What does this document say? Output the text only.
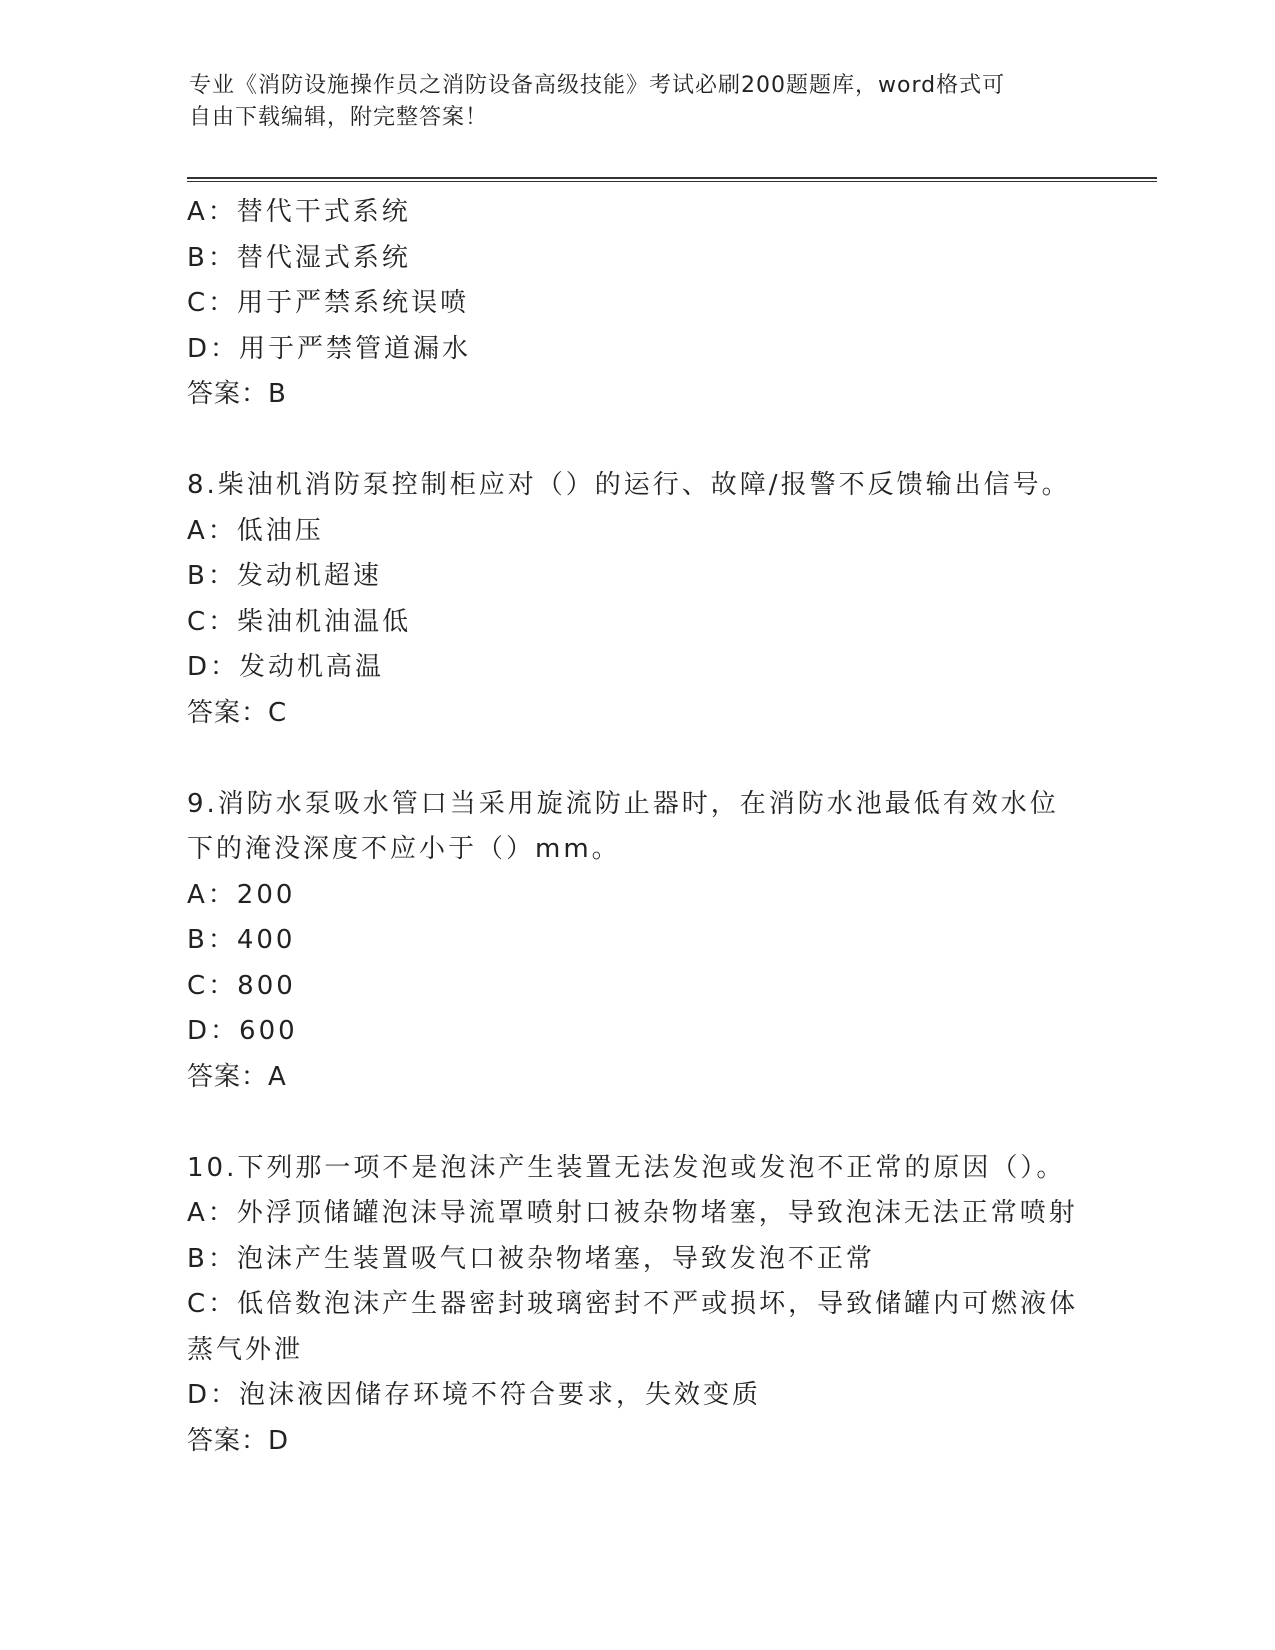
专业《消防设施操作员之消防设备高级技能》考试必刷200题题库，word格式可
自由下载编辑，附完整答案！
A：替代干式系统
B：替代湿式系统
C：用于严禁系统误喷
D：用于严禁管道漏水
答案：B
8.柴油机消防泵控制柜应对（）的运行、故障/报警不反馈输出信号。
A：低油压
B：发动机超速
C：柴油机油温低
D：发动机高温
答案：C
9.消防水泵吸水管口当采用旋流防止器时，在消防水池最低有效水位
下的淹没深度不应小于（）mm。
A：200
B：400
C：800
D：600
答案：A
10.下列那一项不是泡沫产生装置无法发泡或发泡不正常的原因（）。
A：外浮顶储罐泡沫导流罩喷射口被杂物堵塞，导致泡沫无法正常喷射
B：泡沫产生装置吸气口被杂物堵塞，导致发泡不正常
C：低倍数泡沫产生器密封玻璃密封不严或损坏，导致储罐内可燃液体
蒸气外泄
D：泡沫液因储存环境不符合要求，失效变质
答案：D
